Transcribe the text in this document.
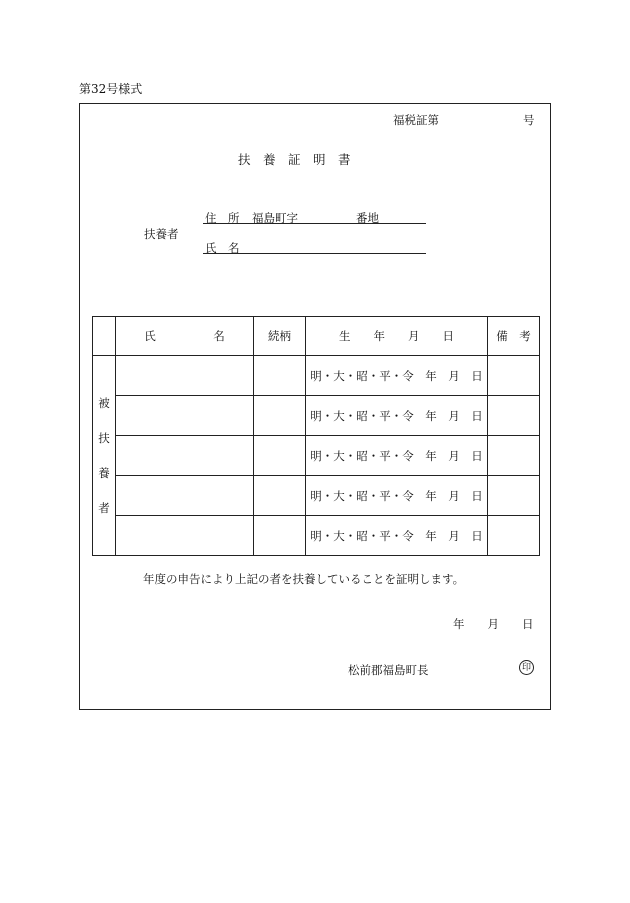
第32号様式
福税証第	号
扶　養　証　明　書
扶養者
住　所 福島町字	番地
氏　名
	氏　　　　　名	続柄	生　　年　　月　　日	備　考

被
扶
養
者			明・大・昭・平・令　年　月　日	
			明・大・昭・平・令　年　月　日	
			明・大・昭・平・令　年　月　日	
			明・大・昭・平・令　年　月　日	
			明・大・昭・平・令　年　月　日	
年度の申告により上記の者を扶養していることを証明します。
年　　月　　日
松前郡福島町長	印
